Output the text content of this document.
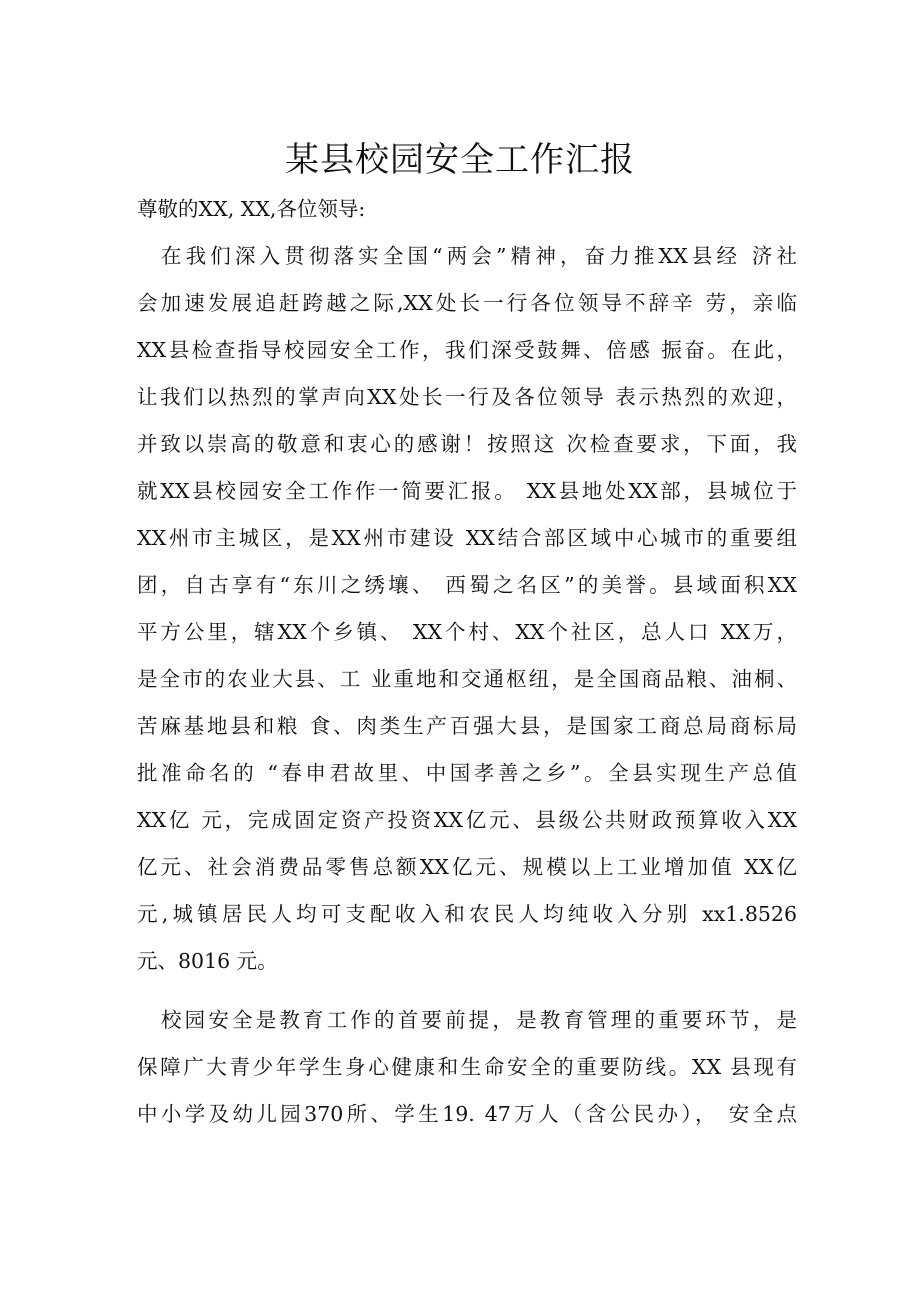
某县校园安全工作汇报
尊敬的XX, XX,各位领导:
在我们深入贯彻落实全国“两会”精神，奋力推XX县经 济社
会加速发展追赶跨越之际,XX处长一行各位领导不辞辛 劳，亲临
XX县检查指导校园安全工作，我们深受鼓舞、倍感 振奋。在此，
让我们以热烈的掌声向XX处长一行及各位领导 表示热烈的欢迎，
并致以崇高的敬意和衷心的感谢！按照这 次检查要求，下面，我
就XX县校园安全工作作一简要汇报。 XX县地处XX部，县城位于
XX州市主城区，是XX州市建设 XX结合部区域中心城市的重要组
团，自古享有“东川之绣壤、 西蜀之名区”的美誉。县域面积XX
平方公里，辖XX个乡镇、 XX个村、XX个社区，总人口 XX万，
是全市的农业大县、工 业重地和交通枢纽，是全国商品粮、油桐、
苦麻基地县和粮 食、肉类生产百强大县，是国家工商总局商标局
批准命名的 “春申君故里、中国孝善之乡”。全县实现生产总值
XX亿 元，完成固定资产投资XX亿元、县级公共财政预算收入XX
亿元、社会消费品零售总额XX亿元、规模以上工业增加值 XX亿
元,城镇居民人均可支配收入和农民人均纯收入分别 xx1.8526
元、8016 元。
校园安全是教育工作的首要前提，是教育管理的重要环节，是
保障广大青少年学生身心健康和生命安全的重要防线。XX 县现有
中小学及幼儿园370所、学生19. 47万人（含公民办）， 安全点
